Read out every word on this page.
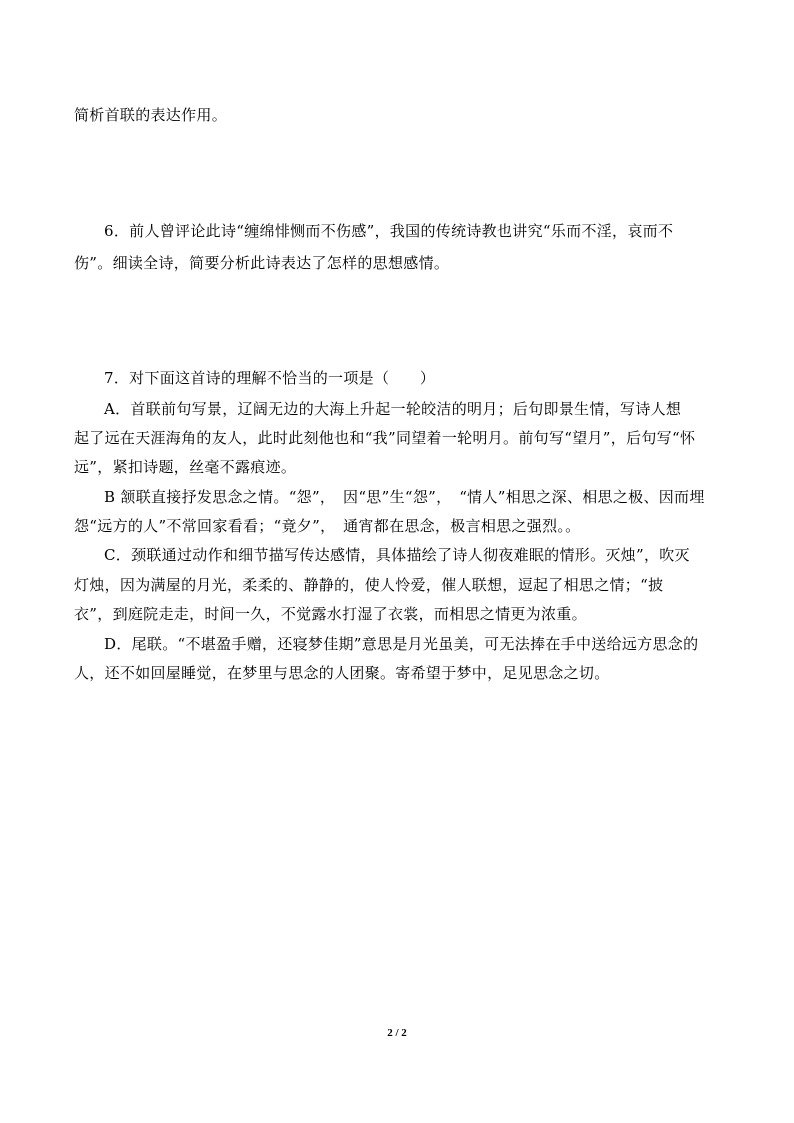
简析首联的表达作用。
6．前人曾评论此诗“缠绵悱恻而不伤感”，我国的传统诗教也讲究“乐而不淫，哀而不
伤”。细读全诗，简要分析此诗表达了怎样的思想感情。
7．对下面这首诗的理解不恰当的一项是（　　）
A．首联前句写景，辽阔无边的大海上升起一轮皎洁的明月；后句即景生情，写诗人想
起了远在天涯海角的友人，此时此刻他也和“我”同望着一轮明月。前句写“望月”，后句写“怀
远”，紧扣诗题，丝毫不露痕迹。
B 颔联直接抒发思念之情。“怨”，　因“思”生“怨”，　“情人”相思之深、相思之极、因而埋
怨“远方的人”不常回家看看；“竟夕”，　通宵都在思念，极言相思之强烈。。
C．颈联通过动作和细节描写传达感情，具体描绘了诗人彻夜难眠的情形。灭烛”，吹灭
灯烛，因为满屋的月光，柔柔的、静静的，使人怜爱，催人联想，逗起了相思之情；“披
衣”，到庭院走走，时间一久，不觉露水打湿了衣裳，而相思之情更为浓重。
D．尾联。“不堪盈手赠，还寝梦佳期”意思是月光虽美，可无法捧在手中送给远方思念的
人，还不如回屋睡觉，在梦里与思念的人团聚。寄希望于梦中，足见思念之切。
2 / 2
